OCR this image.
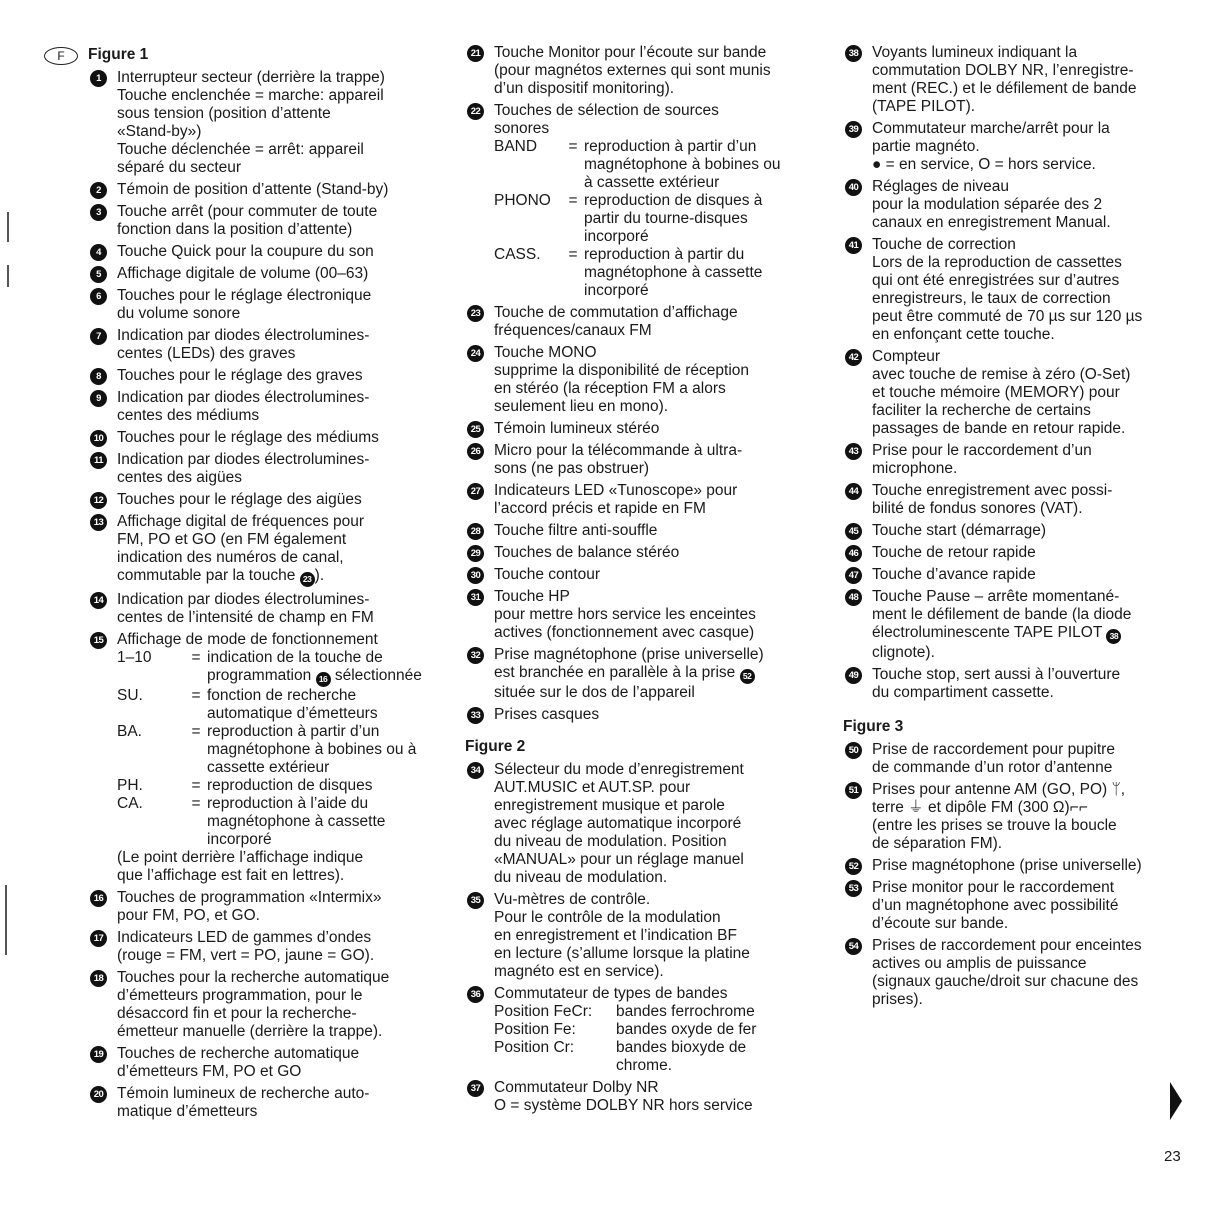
F	Figure 1
1	Interrupteur secteur (derrière la trappe)
Touche enclenchée = marche: appareil
sous tension (position d’attente
«Stand-by»)
Touche déclenchée = arrêt: appareil
séparé du secteur
2	Témoin de position d’attente (Stand-by)
3	Touche arrêt (pour commuter de toute
fonction dans la position d’attente)
4	Touche Quick pour la coupure du son
5	Affichage digitale de volume (00–63)
6	Touches pour le réglage électronique
du volume sonore
7	Indication par diodes électrolumines-
centes (LEDs) des graves
8	Touches pour le réglage des graves
9	Indication par diodes électrolumines-
centes des médiums
10 Touches pour le réglage des médiums
11 Indication par diodes électrolumines-
centes des aigües
12 Touches pour le réglage des aigües
13 Affichage digital de fréquences pour
FM, PO et GO (en FM également
indication des numéros de canal,
commutable par la touche 23 ).
14 Indication par diodes électrolumines-
centes de l’intensité de champ en FM
15 Affichage de mode de fonctionnement
1–10	= indication de la touche de
programmation 16 sélectionnée
SU.	= fonction de recherche
automatique d’émetteurs
BA.	= reproduction à partir d’un
magnétophone à bobines ou à
cassette extérieur
PH.	= reproduction de disques
CA.	= reproduction à l’aide du
magnétophone à cassette
incorporé
(Le point derrière l’affichage indique
que l’affichage est fait en lettres).
16 Touches de programmation «Intermix»
pour FM, PO, et GO.
17 Indicateurs LED de gammes d’ondes
(rouge = FM, vert = PO, jaune = GO).
18 Touches pour la recherche automatique
d’émetteurs programmation, pour le
désaccord fin et pour la recherche-
émetteur manuelle (derrière la trappe).
19 Touches de recherche automatique
d’émetteurs FM, PO et GO
20 Témoin lumineux de recherche auto-
matique d’émetteurs
21 Touche Monitor pour l’écoute sur bande
(pour magnétos externes qui sont munis
d’un dispositif monitoring).
22 Touches de sélection de sources
sonores
BAND	= reproduction à partir d’un
magnétophone à bobines ou
à cassette extérieur
PHONO	= reproduction de disques à
partir du tourne-disques
incorporé
CASS.	= reproduction à partir du
magnétophone à cassette
incorporé
23 Touche de commutation d’affichage
fréquences/canaux FM
24 Touche MONO
supprime la disponibilité de réception
en stéréo (la réception FM a alors
seulement lieu en mono).
25 Témoin lumineux stéréo
26 Micro pour la télécommande à ultra-
sons (ne pas obstruer)
27 Indicateurs LED «Tunoscope» pour
l’accord précis et rapide en FM
28 Touche filtre anti-souffle
29 Touches de balance stéréo
30 Touche contour
31 Touche HP
pour mettre hors service les enceintes
actives (fonctionnement avec casque)
32 Prise magnétophone (prise universelle)
est branchée en parallèle à la prise 52
située sur le dos de l’appareil
33 Prises casques
Figure 2
34 Sélecteur du mode d’enregistrement
AUT.MUSIC et AUT.SP. pour
enregistrement musique et parole
avec réglage automatique incorporé
du niveau de modulation. Position
«MANUAL» pour un réglage manuel
du niveau de modulation.
35 Vu-mètres de contrôle.
Pour le contrôle de la modulation
en enregistrement et l’indication BF
en lecture (s’allume lorsque la platine
magnéto est en service).
36 Commutateur de types de bandes
Position FeCr:	bandes ferrochrome
Position Fe:	bandes oxyde de fer
Position Cr:	bandes bioxyde de
chrome.
37 Commutateur Dolby NR
O = système DOLBY NR hors service
38 Voyants lumineux indiquant la
commutation DOLBY NR, l’enregistre-
ment (REC.) et le défilement de bande
(TAPE PILOT).
39 Commutateur marche/arrêt pour la
partie magnéto.
● = en service, O = hors service.
40 Réglages de niveau
pour la modulation séparée des 2
canaux en enregistrement Manual.
41 Touche de correction
Lors de la reproduction de cassettes
qui ont été enregistrées sur d’autres
enregistreurs, le taux de correction
peut être commuté de 70 µs sur 120 µs
en enfonçant cette touche.
42 Compteur
avec touche de remise à zéro (O-Set)
et touche mémoire (MEMORY) pour
faciliter la recherche de certains
passages de bande en retour rapide.
43 Prise pour le raccordement d’un
microphone.
44 Touche enregistrement avec possi-
bilité de fondus sonores (VAT).
45 Touche start (démarrage)
46 Touche de retour rapide
47 Touche d’avance rapide
48 Touche Pause – arrête momentané-
ment le défilement de bande (la diode
électroluminescente TAPE PILOT 38
clignote).
49 Touche stop, sert aussi à l’ouverture
du compartiment cassette.
Figure 3
50 Prise de raccordement pour pupitre
de commande d’un rotor d’antenne
51 Prises pour antenne AM (GO, PO) ᛘ,
terre ⏚ et dipôle FM (300 Ω)⌐⌐
(entre les prises se trouve la boucle
de séparation FM).
52 Prise magnétophone (prise universelle)
53 Prise monitor pour le raccordement
d’un magnétophone avec possibilité
d’écoute sur bande.
54 Prises de raccordement pour enceintes
actives ou amplis de puissance
(signaux gauche/droit sur chacune des
prises).
23
